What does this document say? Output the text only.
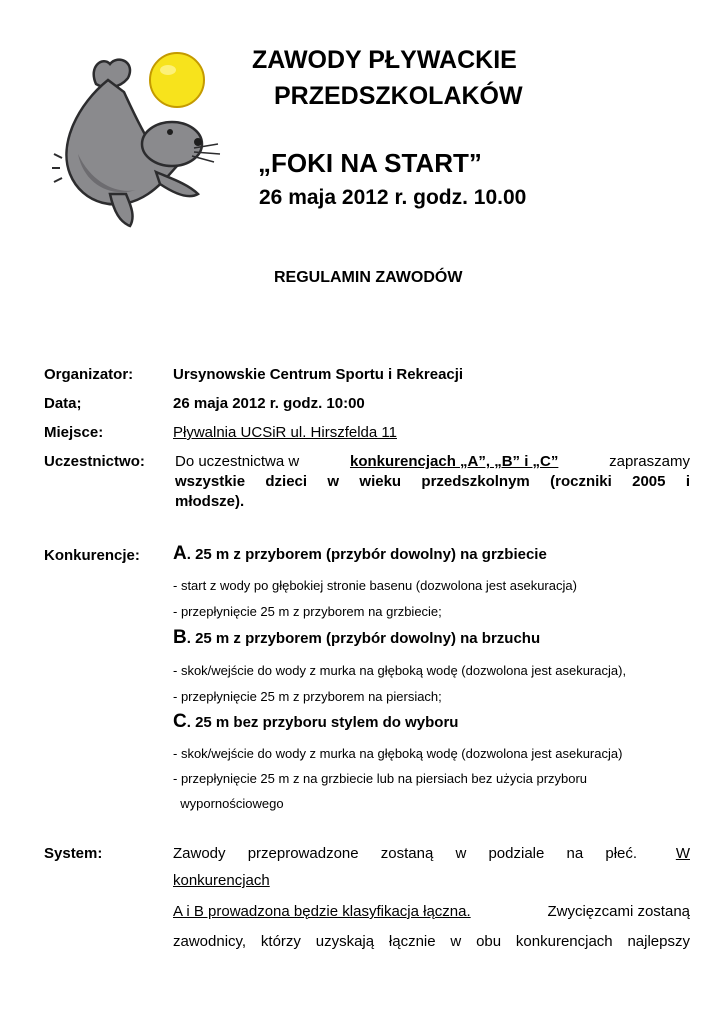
ZAWODY PŁYWACKIE
PRZEDSZKOLAKÓW
„FOKI NA START”
26 maja 2012 r. godz. 10.00
REGULAMIN ZAWODÓW
Organizator:	Ursynowskie Centrum Sportu i Rekreacji
Data;	26 maja 2012 r. godz. 10:00
Miejsce:	Pływalnia UCSiR ul. Hirszfelda 11
Uczestnictwo: Do uczestnictwa w	konkurencjach „A”, „B” i „C”	zapraszamy
wszystkie dzieci w wieku przedszkolnym (roczniki 2005 i
młodsze).
Konkurencje: A. 25 m z przyborem (przybór dowolny) na grzbiecie
- start z wody po głębokiej stronie basenu (dozwolona jest asekuracja)
- przepłynięcie 25 m z przyborem na grzbiecie;
B. 25 m z przyborem (przybór dowolny) na brzuchu
- skok/wejście do wody z murka na głęboką wodę (dozwolona jest asekuracja),
- przepłynięcie 25 m z przyborem na piersiach;
C. 25 m bez przyboru stylem do wyboru
- skok/wejście do wody z murka na głęboką wodę (dozwolona jest asekuracja)
- przepłynięcie 25 m z na grzbiecie lub na piersiach bez użycia przyboru
wypornościowego
System:	Zawody przeprowadzone zostaną w podziale na płeć.	W
konkurencjach
A i B prowadzona będzie klasyfikacja łączna.	Zwycięzcami zostaną
zawodnicy, którzy uzyskają łącznie w obu konkurencjach najlepszy
